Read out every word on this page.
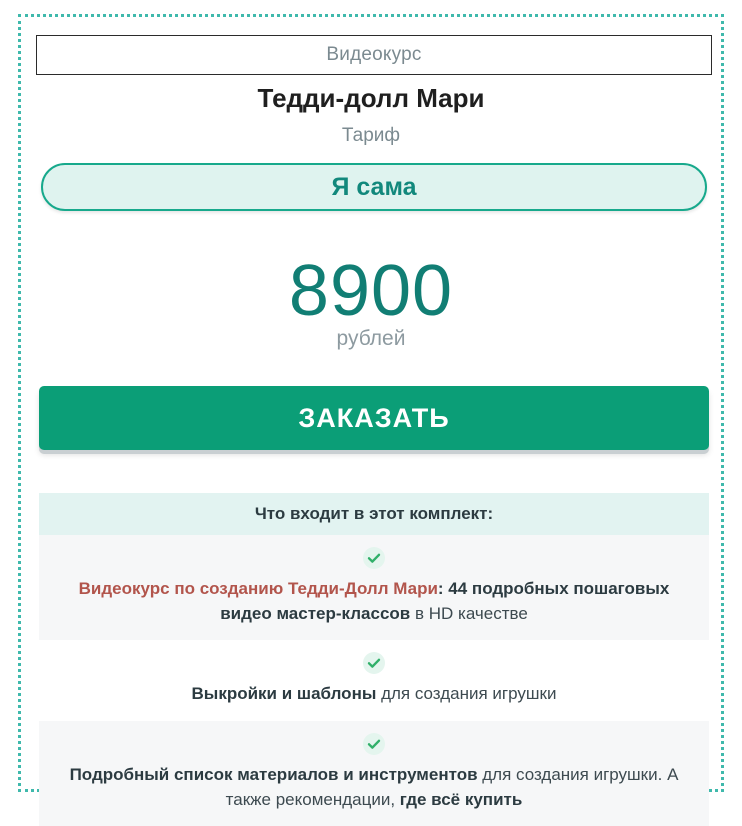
Видеокурс
Тедди-долл Мари
Тариф
Я сама
8900
рублей
ЗАКАЗАТЬ
Что входит в этот комплект:
Видеокурс по созданию Тедди-Долл Мари: 44 подробных пошаговых видео мастер-классов в HD качестве
Выкройки и шаблоны для создания игрушки
Подробный список материалов и инструментов для создания игрушки. А также рекомендации, где всё купить
